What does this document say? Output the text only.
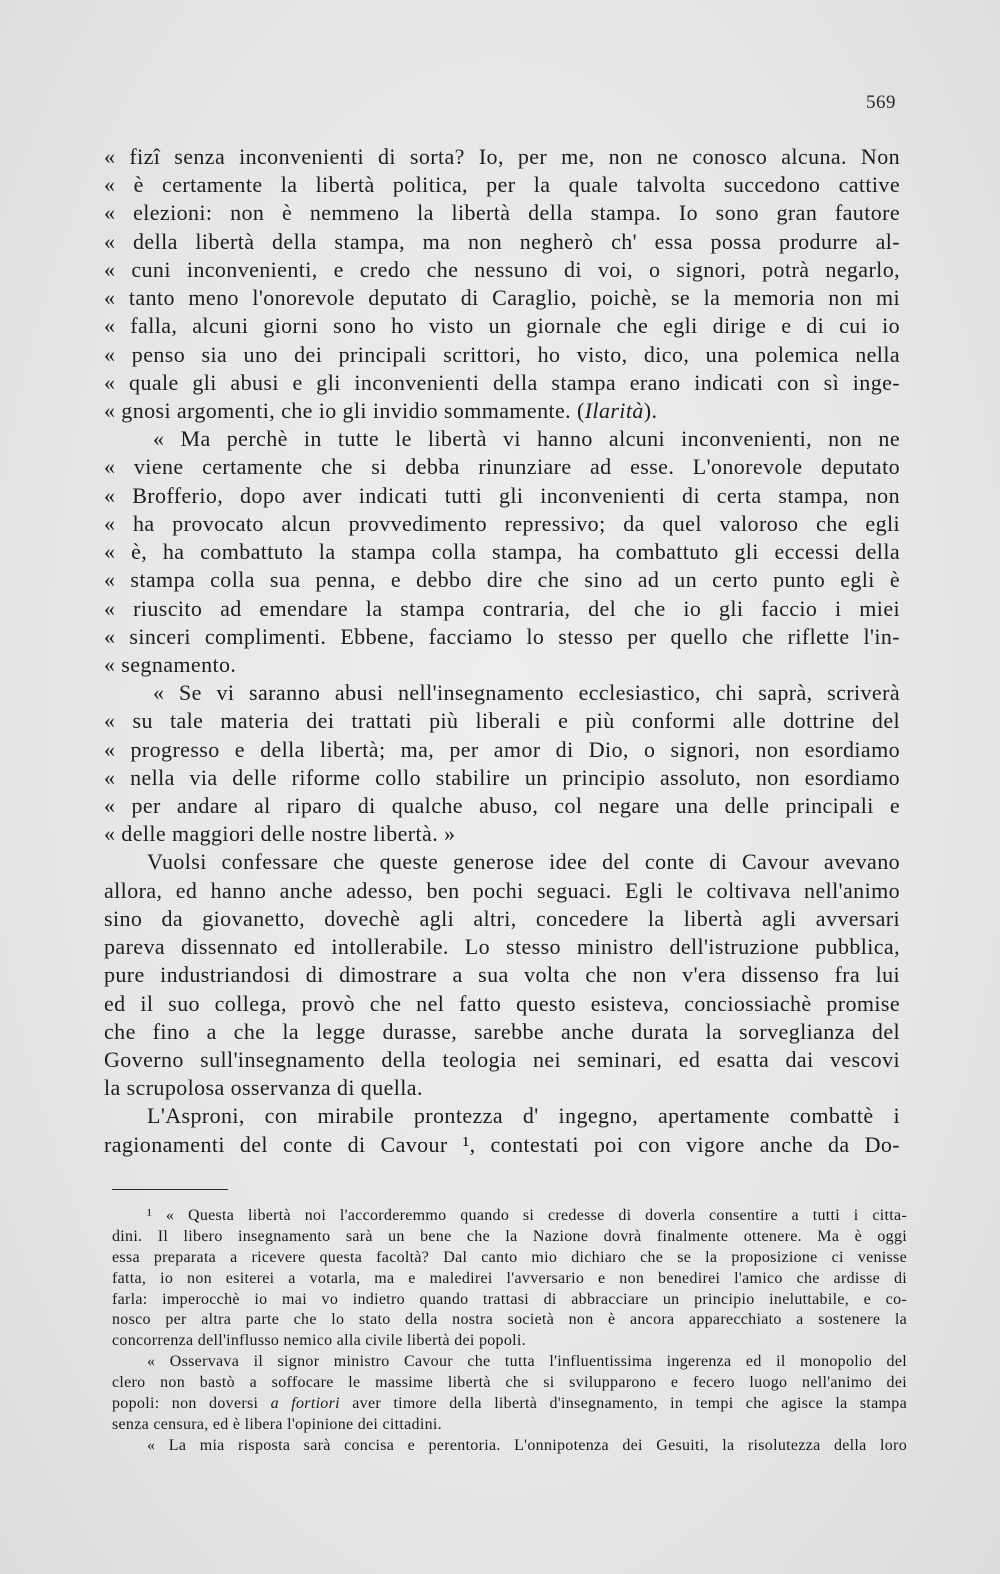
569
« fizî senza inconvenienti di sorta? Io, per me, non ne conosco alcuna. Non
« è certamente la libertà politica, per la quale talvolta succedono cattive
« elezioni: non è nemmeno la libertà della stampa. Io sono gran fautore
« della libertà della stampa, ma non negherò ch' essa possa produrre al-
« cuni inconvenienti, e credo che nessuno di voi, o signori, potrà negarlo,
« tanto meno l'onorevole deputato di Caraglio, poichè, se la memoria non mi
« falla, alcuni giorni sono ho visto un giornale che egli dirige e di cui io
« penso sia uno dei principali scrittori, ho visto, dico, una polemica nella
« quale gli abusi e gli inconvenienti della stampa erano indicati con sì inge-
« gnosi argomenti, che io gli invidio sommamente. (Ilarità).
« Ma perchè in tutte le libertà vi hanno alcuni inconvenienti, non ne
« viene certamente che si debba rinunziare ad esse. L'onorevole deputato
« Brofferio, dopo aver indicati tutti gli inconvenienti di certa stampa, non
« ha provocato alcun provvedimento repressivo; da quel valoroso che egli
« è, ha combattuto la stampa colla stampa, ha combattuto gli eccessi della
« stampa colla sua penna, e debbo dire che sino ad un certo punto egli è
« riuscito ad emendare la stampa contraria, del che io gli faccio i miei
« sinceri complimenti. Ebbene, facciamo lo stesso per quello che riflette l'in-
« segnamento.
« Se vi saranno abusi nell'insegnamento ecclesiastico, chi saprà, scriverà
« su tale materia dei trattati più liberali e più conformi alle dottrine del
« progresso e della libertà; ma, per amor di Dio, o signori, non esordiamo
« nella via delle riforme collo stabilire un principio assoluto, non esordiamo
« per andare al riparo di qualche abuso, col negare una delle principali e
« delle maggiori delle nostre libertà. »
Vuolsi confessare che queste generose idee del conte di Cavour avevano
allora, ed hanno anche adesso, ben pochi seguaci. Egli le coltivava nell'animo
sino da giovanetto, dovechè agli altri, concedere la libertà agli avversari
pareva dissennato ed intollerabile. Lo stesso ministro dell'istruzione pubblica,
pure industriandosi di dimostrare a sua volta che non v'era dissenso fra lui
ed il suo collega, provò che nel fatto questo esisteva, conciossiachè promise
che fino a che la legge durasse, sarebbe anche durata la sorveglianza del
Governo sull'insegnamento della teologia nei seminari, ed esatta dai vescovi
la scrupolosa osservanza di quella.
L'Asproni, con mirabile prontezza d' ingegno, apertamente combattè i
ragionamenti del conte di Cavour ¹, contestati poi con vigore anche da Do-
¹ « Questa libertà noi l'accorderemmo quando si credesse di doverla consentire a tutti i citta-
dini. Il libero insegnamento sarà un bene che la Nazione dovrà finalmente ottenere. Ma è oggi
essa preparata a ricevere questa facoltà? Dal canto mio dichiaro che se la proposizione ci venisse
fatta, io non esiterei a votarla, ma e maledirei l'avversario e non benedirei l'amico che ardisse di
farla: imperocchè io mai vo indietro quando trattasi di abbracciare un principio ineluttabile, e co-
nosco per altra parte che lo stato della nostra società non è ancora apparecchiato a sostenere la
concorrenza dell'influsso nemico alla civile libertà dei popoli.
« Osservava il signor ministro Cavour che tutta l'influentissima ingerenza ed il monopolio del
clero non bastò a soffocare le massime libertà che si svilupparono e fecero luogo nell'animo dei
popoli: non doversi a fortiori aver timore della libertà d'insegnamento, in tempi che agisce la stampa
senza censura, ed è libera l'opinione dei cittadini.
« La mia risposta sarà concisa e perentoria. L'onnipotenza dei Gesuiti, la risolutezza della loro
